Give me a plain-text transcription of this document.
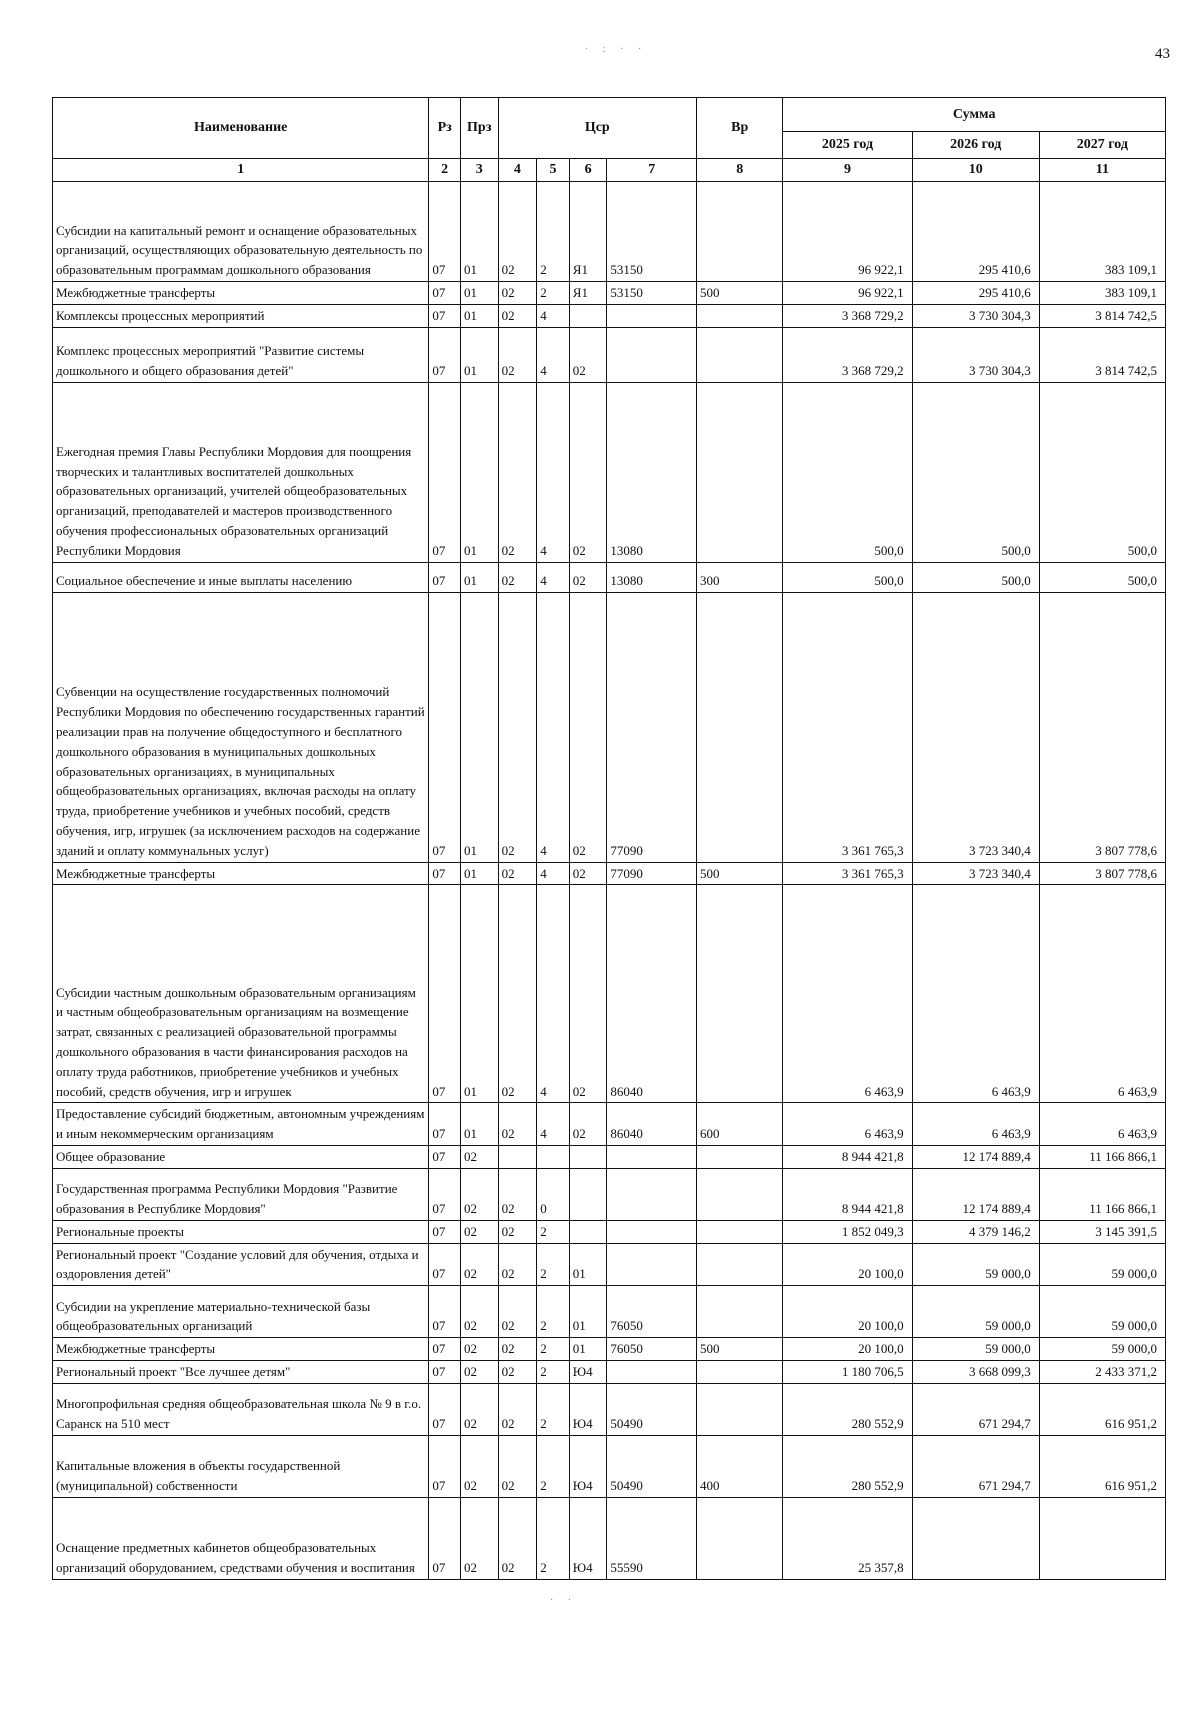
43
Наименование	Рз	Прз	Цср				Вр	Сумма		
								2025 год	2026 год	2027 год
1	2	3	4	5	6	7	8	9	10	11
Субсидии на капитальный ремонт и оснащение образовательных организаций, осуществляющих образовательную деятельность по образовательным программам дошкольного образования	07	01	02	2	Я1	53150		96 922,1	295 410,6	383 109,1
Межбюджетные трансферты	07	01	02	2	Я1	53150	500	96 922,1	295 410,6	383 109,1
Комплексы процессных мероприятий	07	01	02	4				3 368 729,2	3 730 304,3	3 814 742,5
Комплекс процессных мероприятий "Развитие системы дошкольного и общего образования детей"	07	01	02	4	02			3 368 729,2	3 730 304,3	3 814 742,5
Ежегодная премия Главы Республики Мордовия для поощрения творческих и талантливых воспитателей дошкольных образовательных организаций, учителей общеобразовательных организаций, преподавателей и мастеров производственного обучения профессиональных образовательных организаций Республики Мордовия	07	01	02	4	02	13080		500,0	500,0	500,0
Социальное обеспечение и иные выплаты населению	07	01	02	4	02	13080	300	500,0	500,0	500,0
Субвенции на осуществление государственных полномочий Республики Мордовия по обеспечению государственных гарантий реализации прав на получение общедоступного и бесплатного дошкольного образования в муниципальных дошкольных образовательных организациях, в муниципальных общеобразовательных организациях, включая расходы на оплату труда, приобретение учебников и учебных пособий, средств обучения, игр, игрушек (за исключением расходов на содержание зданий и оплату коммунальных услуг)	07	01	02	4	02	77090		3 361 765,3	3 723 340,4	3 807 778,6
Межбюджетные трансферты	07	01	02	4	02	77090	500	3 361 765,3	3 723 340,4	3 807 778,6
Субсидии частным дошкольным образовательным организациям и частным общеобразовательным организациям на возмещение затрат, связанных с реализацией образовательной программы дошкольного образования в части финансирования расходов на оплату труда работников, приобретение учебников и учебных пособий, средств обучения, игр и игрушек	07	01	02	4	02	86040		6 463,9	6 463,9	6 463,9
Предоставление субсидий бюджетным, автономным учреждениям и иным некоммерческим организациям	07	01	02	4	02	86040	600	6 463,9	6 463,9	6 463,9
Общее образование	07	02						8 944 421,8	12 174 889,4	11 166 866,1
Государственная программа Республики Мордовия "Развитие образования в Республике Мордовия"	07	02	02	0				8 944 421,8	12 174 889,4	11 166 866,1
Региональные проекты	07	02	02	2				1 852 049,3	4 379 146,2	3 145 391,5
Региональный проект "Создание условий для обучения, отдыха и оздоровления детей"	07	02	02	2	01			20 100,0	59 000,0	59 000,0
Субсидии на укрепление материально-технической базы общеобразовательных организаций	07	02	02	2	01	76050		20 100,0	59 000,0	59 000,0
Межбюджетные трансферты	07	02	02	2	01	76050	500	20 100,0	59 000,0	59 000,0
Региональный проект "Все лучшее детям"	07	02	02	2	Ю4			1 180 706,5	3 668 099,3	2 433 371,2
Многопрофильная средняя общеобразовательная школа № 9 в г.о. Саранск на 510 мест	07	02	02	2	Ю4	50490		280 552,9	671 294,7	616 951,2
Капитальные вложения в объекты государственной (муниципальной) собственности	07	02	02	2	Ю4	50490	400	280 552,9	671 294,7	616 951,2
Оснащение предметных кабинетов общеобразовательных организаций оборудованием, средствами обучения и воспитания	07	02	02	2	Ю4	55590		25 357,8		
· : · ·
· ·
